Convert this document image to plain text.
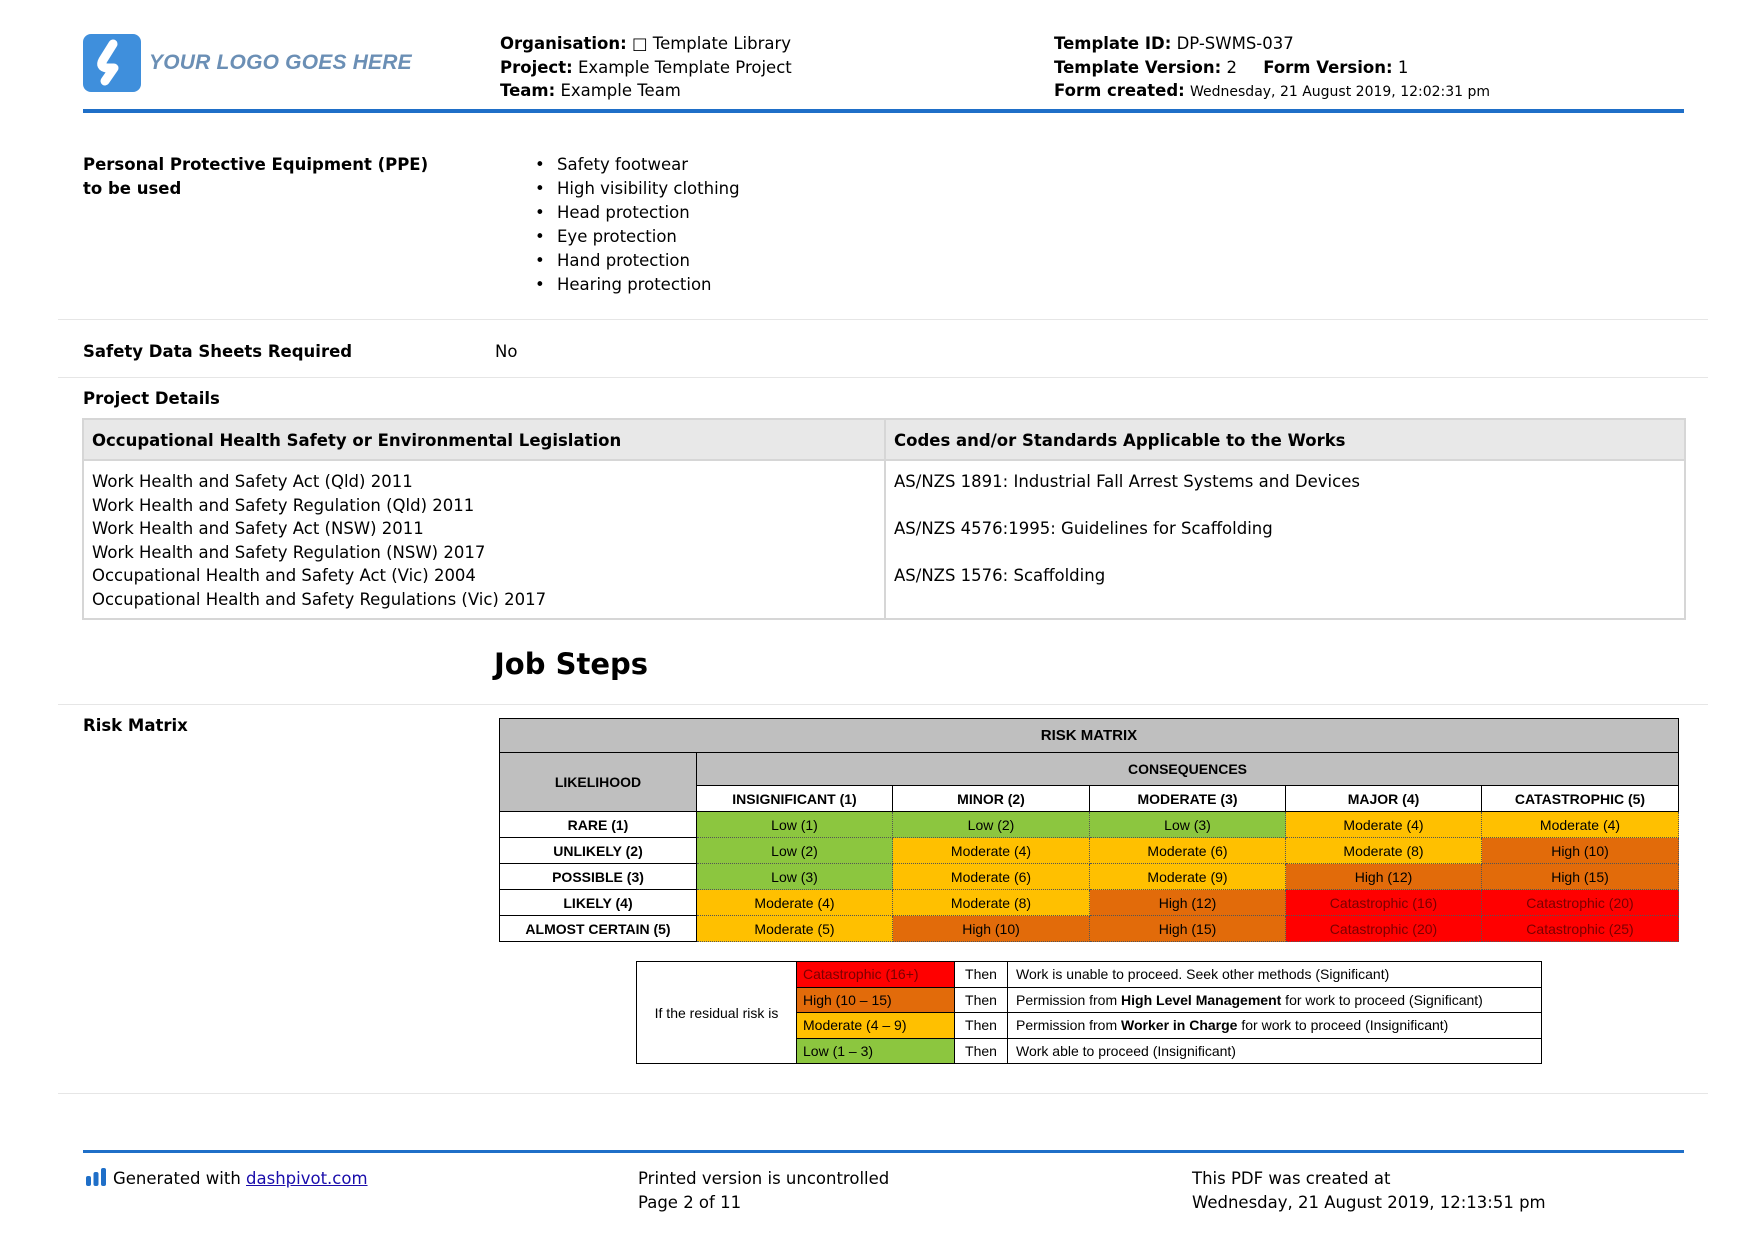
YOUR LOGO GOES HERE
Organisation: □ Template Library
Project: Example Template Project
Team: Example Team
Template ID: DP-SWMS-037
Template Version: 2 Form Version: 1
Form created: Wednesday, 21 August 2019, 12:02:31 pm
Personal Protective Equipment (PPE)
to be used
• Safety footwear
• High visibility clothing
• Head protection
• Eye protection
• Hand protection
• Hearing protection
Safety Data Sheets Required	No
Project Details
Occupational Health Safety or Environmental Legislation	Codes and/or Standards Applicable to the Works
Work Health and Safety Act (Qld) 2011
Work Health and Safety Regulation (Qld) 2011
Work Health and Safety Act (NSW) 2011
Work Health and Safety Regulation (NSW) 2017
Occupational Health and Safety Act (Vic) 2004
Occupational Health and Safety Regulations (Vic) 2017
AS/NZS 1891: Industrial Fall Arrest Systems and Devices
AS/NZS 4576:1995: Guidelines for Scaffolding
AS/NZS 1576: Scaffolding
Job Steps
Risk Matrix
RISK MATRIX					
LIKELIHOOD	CONSEQUENCES				
	INSIGNIFICANT (1)	MINOR (2)	MODERATE (3)	MAJOR (4)	CATASTROPHIC (5)
RARE (1)	Low (1)	Low (2)	Low (3)	Moderate (4)	Moderate (4)
UNLIKELY (2)	Low (2)	Moderate (4)	Moderate (6)	Moderate (8)	High (10)
POSSIBLE (3)	Low (3)	Moderate (6)	Moderate (9)	High (12)	High (15)
LIKELY (4)	Moderate (4)	Moderate (8)	High (12)	Catastrophic (16)	Catastrophic (20)
ALMOST CERTAIN (5)	Moderate (5)	High (10)	High (15)	Catastrophic (20)	Catastrophic (25)
If the residual risk is	Catastrophic (16+)	Then	Work is unable to proceed. Seek other methods (Significant)
	High (10 – 15)	Then	Permission from High Level Management for work to proceed (Significant)
	Moderate (4 – 9)	Then	Permission from Worker in Charge for work to proceed (Insignificant)
	Low (1 – 3)	Then	Work able to proceed (Insignificant)
Generated with dashpivot.com	Printed version is uncontrolled
Page 2 of 11
This PDF was created at
Wednesday, 21 August 2019, 12:13:51 pm
